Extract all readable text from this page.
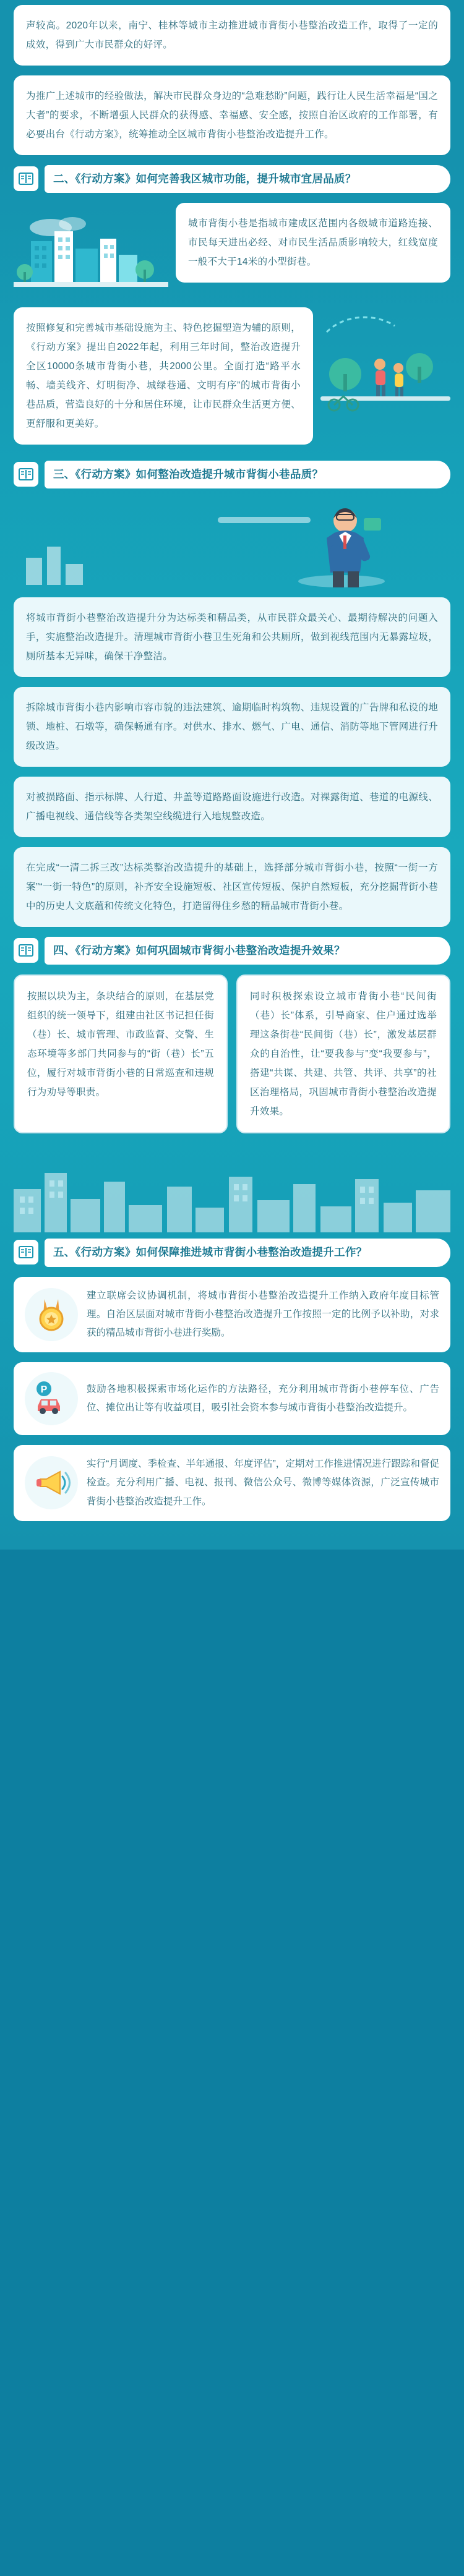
声较高。2020年以来，南宁、桂林等城市主动推进城市背街小巷整治改造工作，取得了一定的成效，得到广大市民群众的好评。
为推广上述城市的经验做法，解决市民群众身边的“急难愁盼”问题，践行让人民生活幸福是“国之大者”的要求，不断增强人民群众的获得感、幸福感、安全感，按照自治区政府的工作部署，有必要出台《行动方案》，统筹推动全区城市背街小巷整治改造提升工作。
二、《行动方案》如何完善我区城市功能，提升城市宜居品质？
城市背街小巷是指城市建成区范围内各级城市道路连接、市民每天进出必经、对市民生活品质影响较大，红线宽度一般不大于14米的小型街巷。
按照修复和完善城市基础设施为主、特色挖掘塑造为辅的原则，《行动方案》提出自2022年起，利用三年时间，整治改造提升全区10000条城市背街小巷，共2000公里。全面打造“路平水畅、墙美线齐、灯明街净、城绿巷通、文明有序”的城市背街小巷品质，营造良好的十分和居住环境，让市民群众生活更方便、更舒服和更美好。
三、《行动方案》如何整治改造提升城市背街小巷品质？
将城市背街小巷整治改造提升分为达标类和精品类，从市民群众最关心、最期待解决的问题入手，实施整治改造提升。清理城市背街小巷卫生死角和公共厕所，做到视线范围内无暴露垃圾，厕所基本无异味，确保干净整洁。
拆除城市背街小巷内影响市容市貌的违法建筑、逾期临时构筑物、违规设置的广告牌和私设的地锁、地桩、石墩等，确保畅通有序。对供水、排水、燃气、广电、通信、消防等地下管网进行升级改造。
对被损路面、指示标牌、人行道、井盖等道路路面设施进行改造。对裸露街道、巷道的电源线、广播电视线、通信线等各类架空线缆进行入地规整改造。
在完成“一清二拆三改”达标类整治改造提升的基础上，选择部分城市背街小巷，按照“一街一方案”“一街一特色”的原则，补齐安全设施短板、社区宣传短板、保护自然短板，充分挖掘背街小巷中的历史人文底蕴和传统文化特色，打造留得住乡愁的精品城市背街小巷。
四、《行动方案》如何巩固城市背街小巷整治改造提升效果？
按照以块为主，条块结合的原则，在基层党组织的统一领导下，组建由社区书记担任街（巷）长、城市管理、市政监督、交警、生态环境等多部门共同参与的“街（巷）长”五位，履行对城市背街小巷的日常巡查和违规行为劝导等职责。
同时积极探索设立城市背街小巷“民间街（巷）长”体系，引导商家、住户通过选举理这条街巷“民间街（巷）长”，激发基层群众的自治性，让“要我参与”变“我要参与”，搭建“共谋、共建、共管、共评、共享”的社区治理格局，巩固城市背街小巷整治改造提升效果。
五、《行动方案》如何保障推进城市背街小巷整治改造提升工作？
建立联席会议协调机制，将城市背街小巷整治改造提升工作纳入政府年度目标管理。自治区层面对城市背街小巷整治改造提升工作按照一定的比例予以补助，对求获的精品城市背街小巷进行奖励。
P	鼓励各地积极探索市场化运作的方法路径，充分利用城市背街小巷停车位、广告位、摊位出让等有收益项目，吸引社会资本参与城市背街小巷整治改造提升。
实行“月调度、季检查、半年通报、年度评估”，定期对工作推进情况进行跟踪和督促检查。充分利用广播、电视、报刊、微信公众号、微博等媒体资源，广泛宣传城市背街小巷整治改造提升工作。
